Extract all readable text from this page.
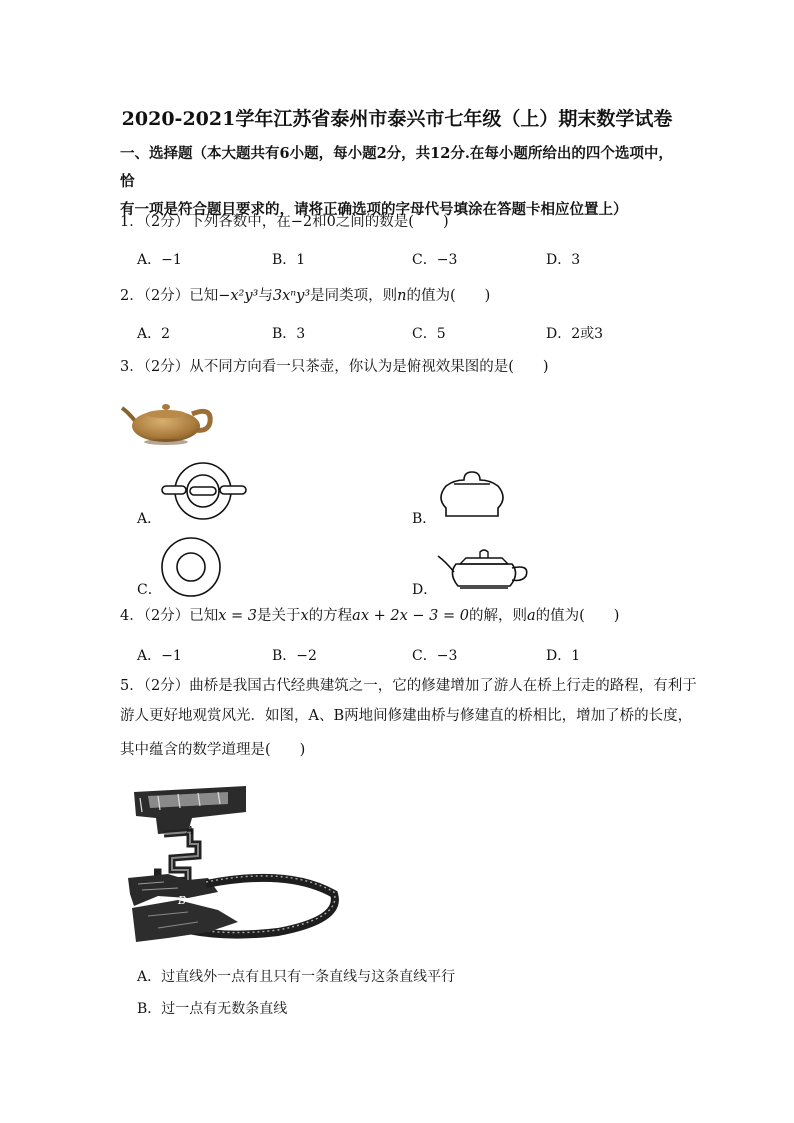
2020-2021学年江苏省泰州市泰兴市七年级（上）期末数学试卷
一、选择题（本大题共有6小题，每小题2分，共12分.在每小题所给出的四个选项中，恰
有一项是符合题目要求的，请将正确选项的字母代号填涂在答题卡相应位置上）
1．（2分）下列各数中，在−2和0之间的数是(　　)
A．−1	B．1	C．−3	D．3
2．（2分）已知−x²y³与3xⁿy³是同类项，则n的值为(　　)
A．2	B．3	C．5	D．2或3
3．（2分）从不同方向看一只茶壶，你认为是俯视效果图的是(　　)
A．	B．
C．	D．
4．（2分）已知x = 3是关于x的方程ax + 2x − 3 = 0的解，则a的值为(　　)
A．−1	B．−2	C．−3	D．1
5．（2分）曲桥是我国古代经典建筑之一，它的修建增加了游人在桥上行走的路程，有利于
游人更好地观赏风光．如图，A、B两地间修建曲桥与修建直的桥相比，增加了桥的长度，
其中蕴含的数学道理是(　　)
A
B
A．过直线外一点有且只有一条直线与这条直线平行
B．过一点有无数条直线
